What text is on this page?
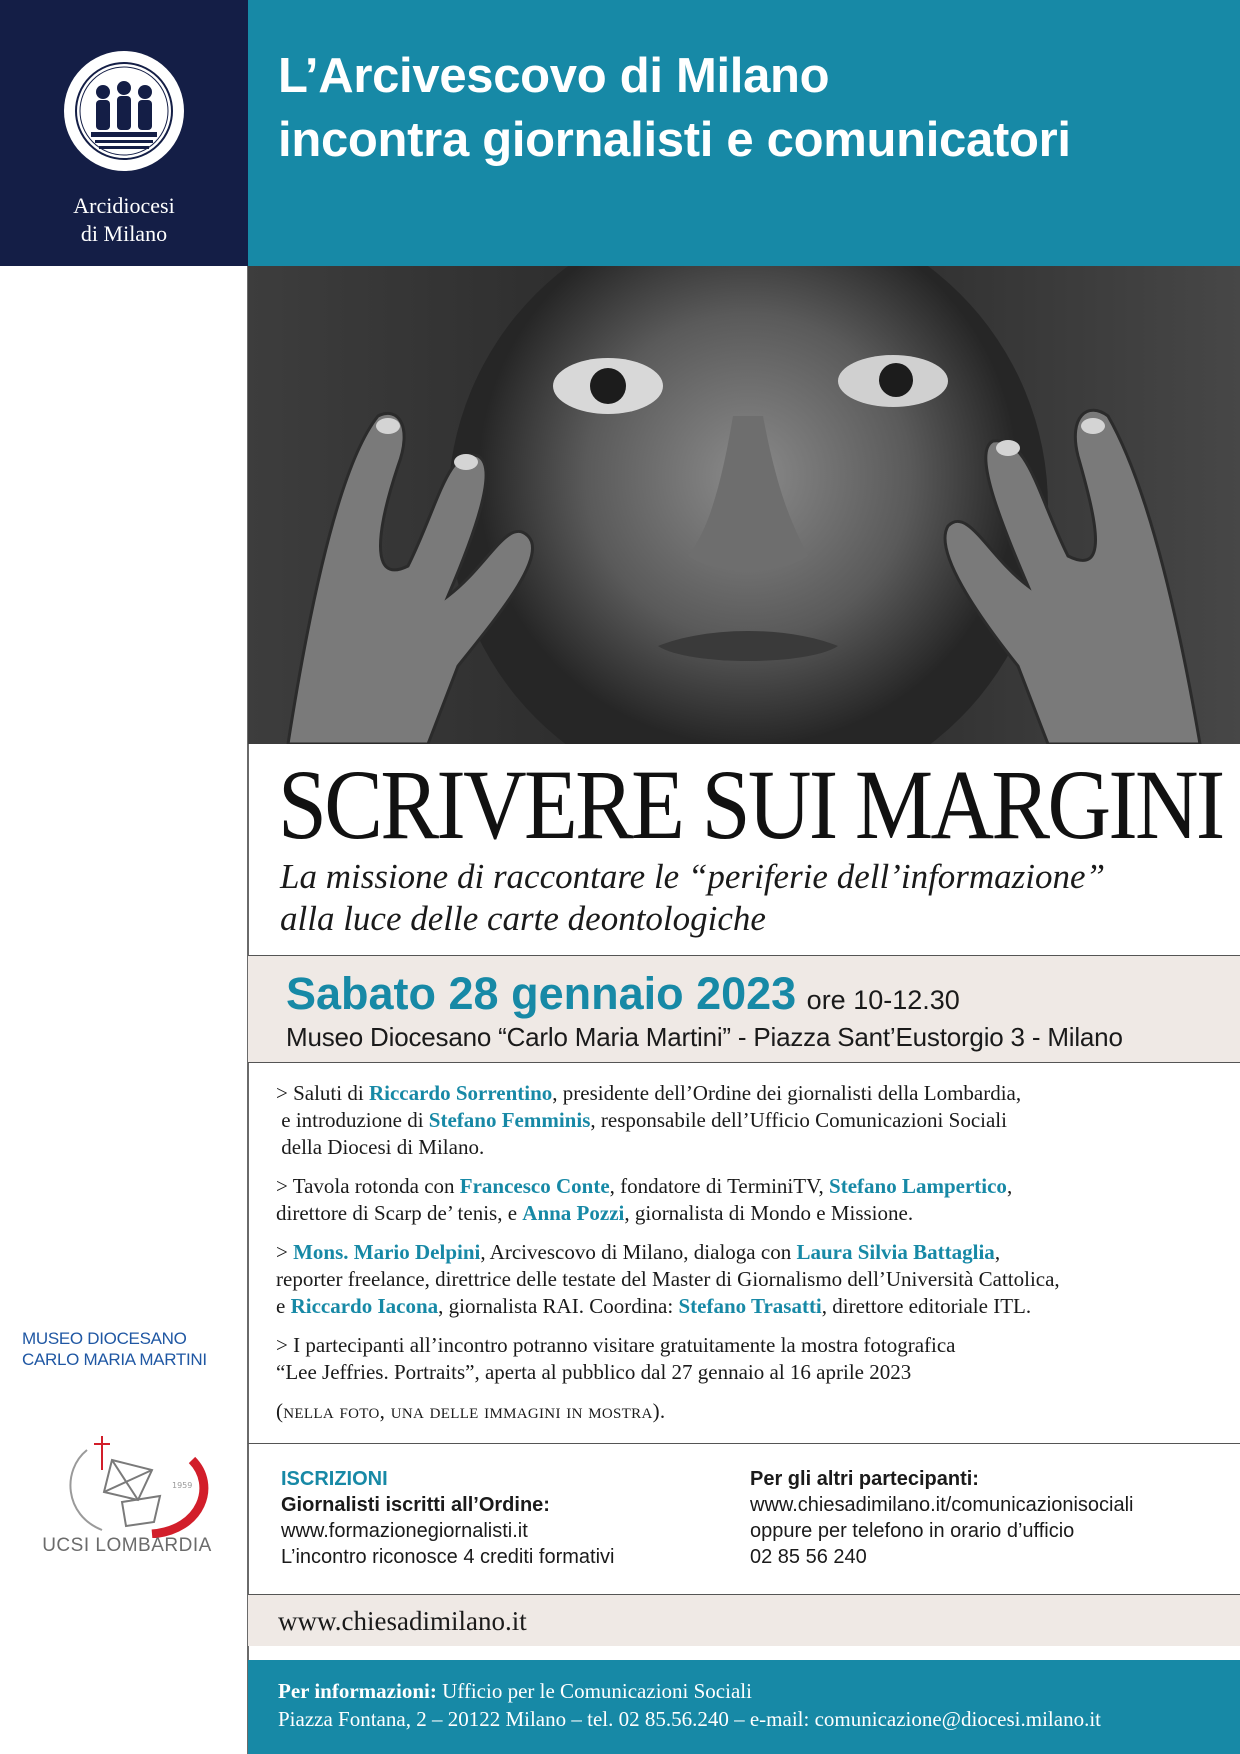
Arcidiocesi
di Milano
MUSEO DIOCESANO
CARLO MARIA MARTINI
1959
UCSI LOMBARDIA
L’Arcivescovo di Milano
incontra giornalisti e comunicatori
SCRIVERE SUI MARGINI
La missione di raccontare le “periferie dell’informazione”
alla luce delle carte deontologiche
Sabato 28 gennaio 2023 ore 10-12.30
Museo Diocesano “Carlo Maria Martini” - Piazza Sant’Eustorgio 3 - Milano

> Saluti di Riccardo Sorrentino, presidente dell’Ordine dei giornalisti della Lombardia,
e introduzione di Stefano Femminis, responsabile dell’Ufficio Comunicazioni Sociali
della Diocesi di Milano.

> Tavola rotonda con Francesco Conte, fondatore di TerminiTV, Stefano Lampertico,
direttore di Scarp de’ tenis, e Anna Pozzi, giornalista di Mondo e Missione.

> Mons. Mario Delpini, Arcivescovo di Milano, dialoga con Laura Silvia Battaglia,
reporter freelance, direttrice delle testate del Master di Giornalismo dell’Università Cattolica,
e Riccardo Iacona, giornalista RAI. Coordina: Stefano Trasatti, direttore editoriale ITL.

> I partecipanti all’incontro potranno visitare gratuitamente la mostra fotografica
“Lee Jeffries. Portraits”, aperta al pubblico dal 27 gennaio al 16 aprile 2023

(nella foto, una delle immagini in mostra).

ISCRIZIONI
Giornalisti iscritti all’Ordine:
www.formazionegiornalisti.it
L’incontro riconosce 4 crediti formativi
Per gli altri partecipanti:
www.chiesadimilano.it/comunicazionisociali
oppure per telefono in orario d’ufficio
02 85 56 240
www.chiesadimilano.it
Per informazioni: Ufficio per le Comunicazioni Sociali
Piazza Fontana, 2 – 20122 Milano – tel. 02 85.56.240 – e-mail: comunicazione@diocesi.milano.it
